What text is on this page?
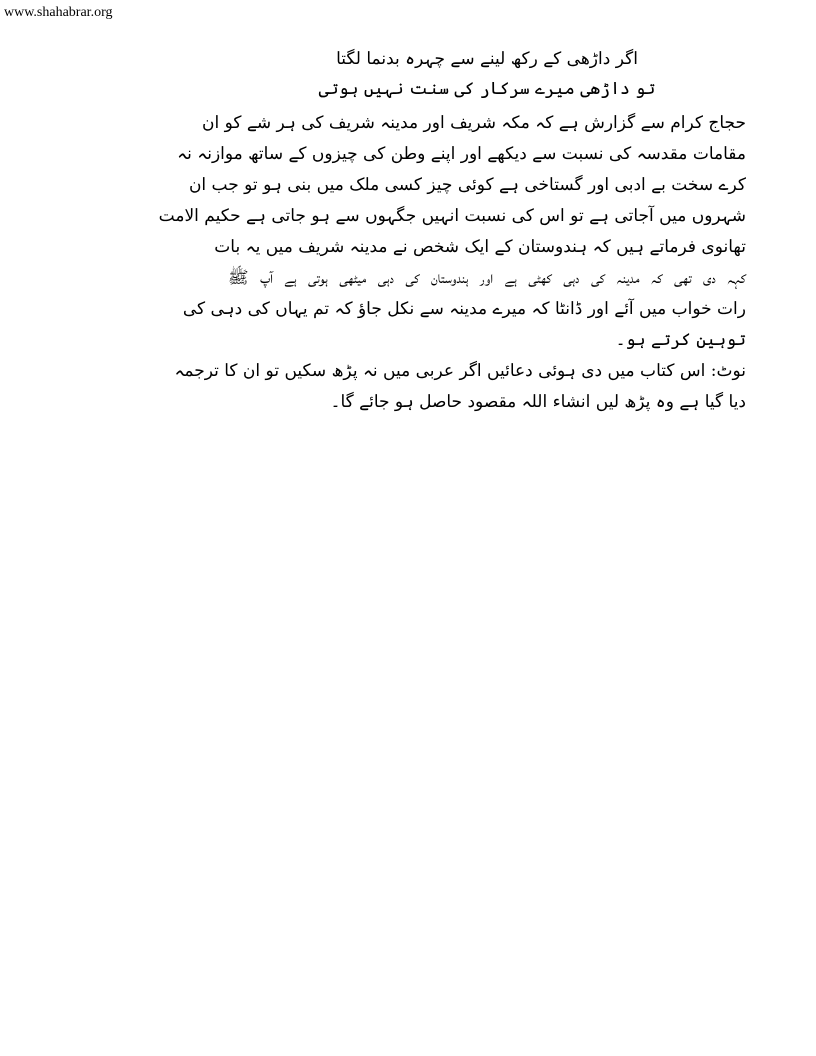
www.shahabrar.org
اگر داڑھی کے رکھ لینے سے چہرہ بدنما لگتا
تو داڑھی میرے سرکار کی سنت نہیں ہوتی
حجاج کرام سے گزارش ہے کہ مکہ شریف اور مدینہ شریف کی ہر شے کو ان
مقامات مقدسہ کی نسبت سے دیکھے اور اپنے وطن کی چیزوں کے ساتھ موازنہ نہ
کرے سخت بے ادبی اور گستاخی ہے کوئی چیز کسی ملک میں بنی ہو تو جب ان
شہروں میں آجاتی ہے تو اس کی نسبت انہیں جگہوں سے ہو جاتی ہے حکیم الامت
تھانوی فرماتے ہیں کہ ہندوستان کے ایک شخص نے مدینہ شریف میں یہ بات
کہہ دی تھی کہ مدینہ کی دہی کھٹی ہے اور ہندوستان کی دہی میٹھی ہوتی ہے آپ ﷺ
رات خواب میں آئے اور ڈانٹا کہ میرے مدینہ سے نکل جاؤ کہ تم یہاں کی دہی کی
توہین کرتے ہو۔
نوٹ: اس کتاب میں دی ہوئی دعائیں اگر عربی میں نہ پڑھ سکیں تو ان کا ترجمہ
دیا گیا ہے وہ پڑھ لیں انشاء اللہ مقصود حاصل ہو جائے گا۔
